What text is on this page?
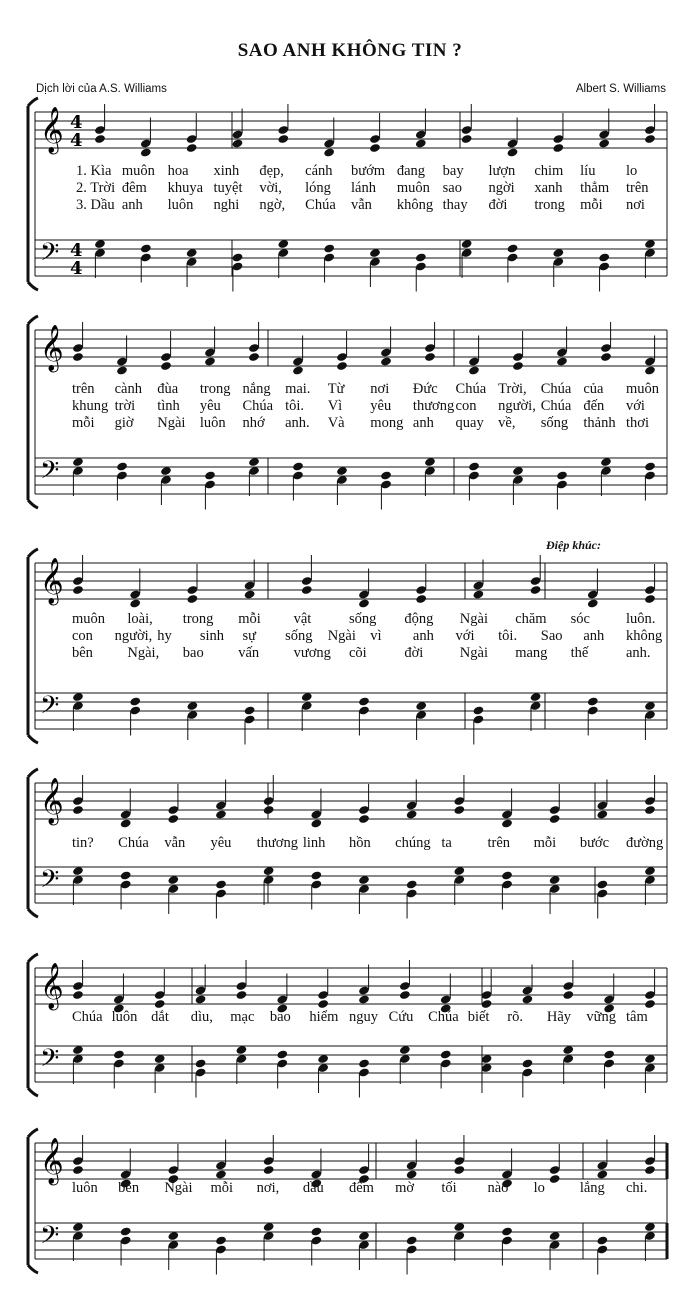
SAO ANH KHÔNG TIN ?
Dịch lời của A.S. Williams	Albert S. Williams
𝄞 4
4
𝄢 4
4
1. Kìa muôn hoa xinh đẹp, cánh bướm đang bay lượn chim líu lo
2. Trời đêm khuya tuyệt vời, lóng lánh muôn sao ngời xanh thẳm trên
3. Dầu anh luôn nghi ngờ, Chúa vẫn không thay đời trong mỗi nơi
𝄞
𝄢
trên cành đùa trong nắng mai. Từ nơi Đức Chúa Trời, Chúa của muôn
khung trời tình yêu Chúa tôi. Vì yêu thương con người, Chúa đến với
mỗi giờ Ngài luôn nhớ anh. Và mong anh quay về, sống thảnh thơi
𝄞
𝄢
muôn loài, trong mỗi vật	sống động Ngài chăm sóc luôn.
con người, hy sinh sự sống Ngài vì anh với tôi. Sao anh không
bên Ngài, bao vấn vương cõi	đời	Ngài mang thế	anh.
Điệp khúc:
𝄞
𝄢
tin? Chúa vẫn yêu thương linh hồn chúng ta trên mỗi bước đường
𝄞
𝄢
Chúa luôn dắt dìu, mạc bao hiểm nguy Cứu Chúa biết rõ. Hãy vững tâm
𝄞
𝄢
luôn bên Ngài mỗi nơi, dầu đêm mờ tối nào lo lắng chi.
